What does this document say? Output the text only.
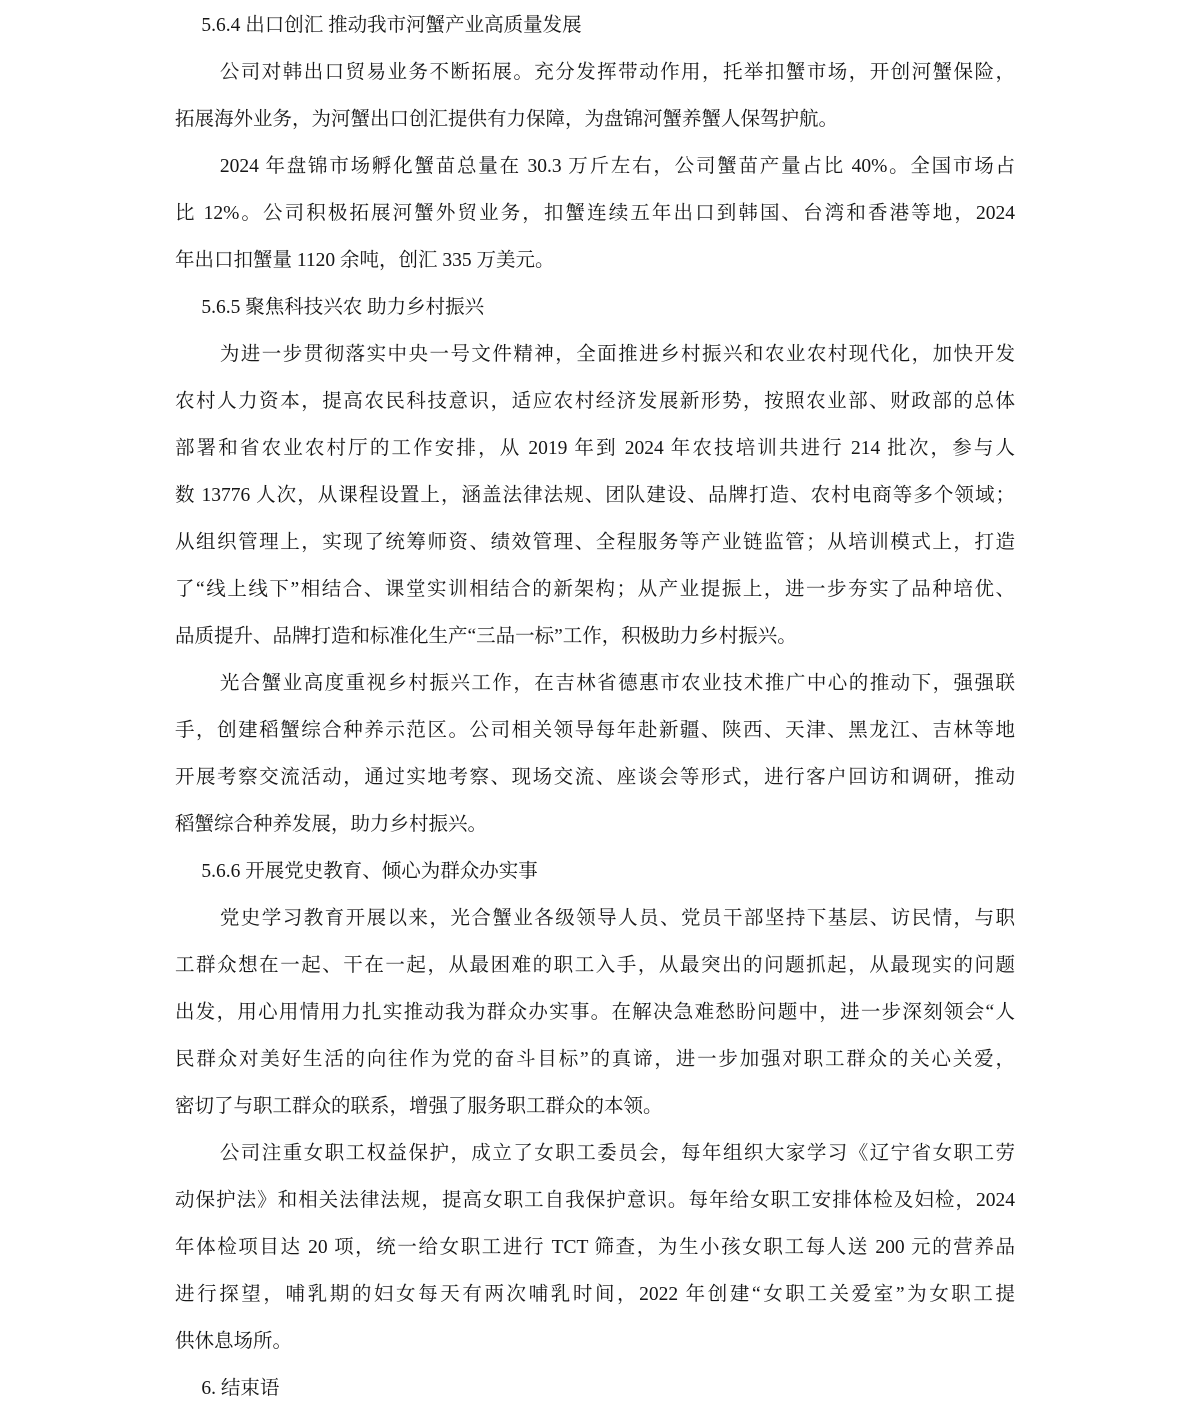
5.6.4 出口创汇 推动我市河蟹产业高质量发展
公司对韩出口贸易业务不断拓展。充分发挥带动作用，托举扣蟹市场，开创河蟹保险，
拓展海外业务，为河蟹出口创汇提供有力保障，为盘锦河蟹养蟹人保驾护航。
2024 年盘锦市场孵化蟹苗总量在 30.3 万斤左右，公司蟹苗产量占比 40%。全国市场占
比 12%。公司积极拓展河蟹外贸业务，扣蟹连续五年出口到韩国、台湾和香港等地，2024
年出口扣蟹量 1120 余吨，创汇 335 万美元。
5.6.5 聚焦科技兴农 助力乡村振兴
为进一步贯彻落实中央一号文件精神，全面推进乡村振兴和农业农村现代化，加快开发
农村人力资本，提高农民科技意识，适应农村经济发展新形势，按照农业部、财政部的总体
部署和省农业农村厅的工作安排，从 2019 年到 2024 年农技培训共进行 214 批次，参与人
数 13776 人次，从课程设置上，涵盖法律法规、团队建设、品牌打造、农村电商等多个领域；
从组织管理上，实现了统筹师资、绩效管理、全程服务等产业链监管；从培训模式上，打造
了“线上线下”相结合、课堂实训相结合的新架构；从产业提振上，进一步夯实了品种培优、
品质提升、品牌打造和标准化生产“三品一标”工作，积极助力乡村振兴。
光合蟹业高度重视乡村振兴工作，在吉林省德惠市农业技术推广中心的推动下，强强联
手，创建稻蟹综合种养示范区。公司相关领导每年赴新疆、陕西、天津、黑龙江、吉林等地
开展考察交流活动，通过实地考察、现场交流、座谈会等形式，进行客户回访和调研，推动
稻蟹综合种养发展，助力乡村振兴。
5.6.6 开展党史教育、倾心为群众办实事
党史学习教育开展以来，光合蟹业各级领导人员、党员干部坚持下基层、访民情，与职
工群众想在一起、干在一起，从最困难的职工入手，从最突出的问题抓起，从最现实的问题
出发，用心用情用力扎实推动我为群众办实事。在解决急难愁盼问题中，进一步深刻领会“人
民群众对美好生活的向往作为党的奋斗目标”的真谛，进一步加强对职工群众的关心关爱，
密切了与职工群众的联系，增强了服务职工群众的本领。
公司注重女职工权益保护，成立了女职工委员会，每年组织大家学习《辽宁省女职工劳
动保护法》和相关法律法规，提高女职工自我保护意识。每年给女职工安排体检及妇检，2024
年体检项目达 20 项，统一给女职工进行 TCT 筛查，为生小孩女职工每人送 200 元的营养品
进行探望，哺乳期的妇女每天有两次哺乳时间，2022 年创建“女职工关爱室”为女职工提
供休息场所。
6. 结束语
